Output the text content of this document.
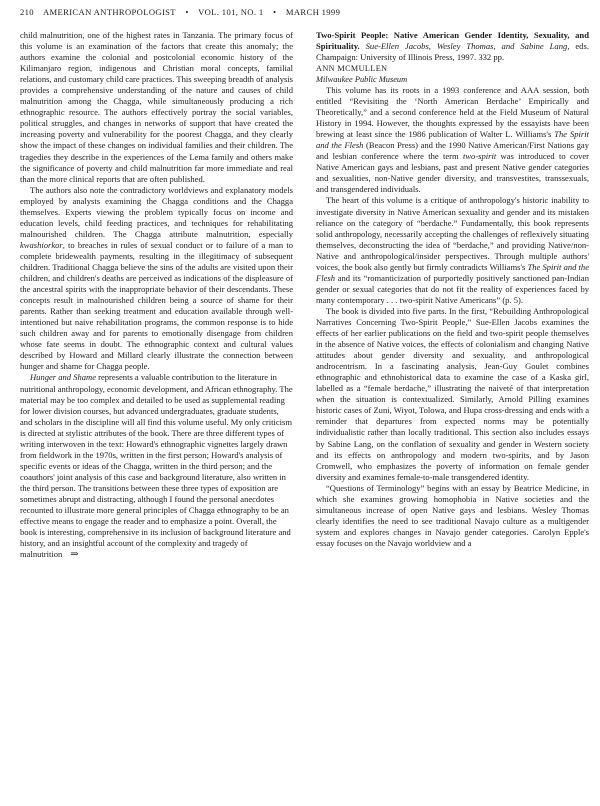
210 AMERICAN ANTHROPOLOGIST • VOL. 101, NO. 1 • MARCH 1999

child malnutrition, one of the highest rates in Tanzania. The primary focus of this volume is an examination of the factors that create this anomaly; the authors examine the colonial and postcolonial economic history of the Kilimanjaro region, indigenous and Christian moral concepts, familial relations, and customary child care practices. This sweeping breadth of analysis provides a comprehensive understanding of the nature and causes of child malnutrition among the Chagga, while simultaneously producing a rich ethnographic resource. The authors effectively portray the social variables, political struggles, and changes in networks of support that have created the increasing poverty and vulnerability for the poorest Chagga, and they clearly show the impact of these changes on individual families and their children. The tragedies they describe in the experiences of the Lema family and others make the significance of poverty and child malnutrition far more immediate and real than the more clinical reports that are often published.

The authors also note the contradictory worldviews and explanatory models employed by analysts examining the Chagga conditions and the Chagga themselves. Experts viewing the problem typically focus on income and education levels, child feeding practices, and techniques for rehabilitating malnourished children. The Chagga attribute malnutrition, especially kwashiorkor, to breaches in rules of sexual conduct or to failure of a man to complete bridewealth payments, resulting in the illegitimacy of subsequent children. Traditional Chagga believe the sins of the adults are visited upon their children, and children's deaths are perceived as indications of the displeasure of the ancestral spirits with the inappropriate behavior of their descendants. These concepts result in malnourished children being a source of shame for their parents. Rather than seeking treatment and education available through well-intentioned but naive rehabilitation programs, the common response is to hide such children away and for parents to emotionally disengage from children whose fate seems in doubt. The ethnographic context and cultural values described by Howard and Millard clearly illustrate the connection between hunger and shame for Chagga people.

Hunger and Shame represents a valuable contribution to the literature in nutritional anthropology, economic development, and African ethnography. The material may be too complex and detailed to be used as supplemental reading for lower division courses, but advanced undergraduates, graduate students, and scholars in the discipline will all find this volume useful. My only criticism is directed at stylistic attributes of the book. There are three different types of writing interwoven in the text: Howard's ethnographic vignettes largely drawn from fieldwork in the 1970s, written in the first person; Howard's analysis of specific events or ideas of the Chagga, written in the third person; and the coauthors' joint analysis of this case and background literature, also written in the third person. The transitions between these three types of exposition are sometimes abrupt and distracting, although I found the personal anecdotes recounted to illustrate more general principles of Chagga ethnography to be an effective means to engage the reader and to emphasize a point. Overall, the book is interesting, comprehensive in its inclusion of background literature and history, and an insightful account of the complexity and tragedy of malnutrition ⇒

Two-Spirit People: Native American Gender Identity, Sexuality, and Spirituality. Sue-Ellen Jacobs, Wesley Thomas, and Sabine Lang, eds. Champaign: University of Illinois Press, 1997. 332 pp.

ANN MCMULLEN

Milwaukee Public Museum

This volume has its roots in a 1993 conference and AAA session, both entitled “Revisiting the ‘North American Berdache’ Empirically and Theoretically,” and a second conference held at the Field Museum of Natural History in 1994. However, the thoughts expressed by the essayists have been brewing at least since the 1986 publication of Walter L. Williams's The Spirit and the Flesh (Beacon Press) and the 1990 Native American/First Nations gay and lesbian conference where the term two-spirit was introduced to cover Native American gays and lesbians, past and present Native gender categories and sexualities, non-Native gender diversity, and transvestites, transsexuals, and transgendered individuals.

The heart of this volume is a critique of anthropology's historic inability to investigate diversity in Native American sexuality and gender and its mistaken reliance on the category of “berdache.” Fundamentally, this book represents solid anthropology, necessarily accepting the challenges of reflexively situating themselves, deconstructing the idea of “berdache,” and providing Native/non-Native and anthropological/insider perspectives. Through multiple authors' voices, the book also gently but firmly contradicts Williams's The Spirit and the Flesh and its “romanticization of purportedly positively sanctioned pan-Indian gender or sexual categories that do not fit the reality of experiences faced by many contemporary . . . two-spirit Native Americans” (p. 5).

The book is divided into five parts. In the first, “Rebuilding Anthropological Narratives Concerning Two-Spirit People,” Sue-Ellen Jacobs examines the effects of her earlier publications on the field and two-spirit people themselves in the absence of Native voices, the effects of colonialism and changing Native attitudes about gender diversity and sexuality, and anthropological androcentrism. In a fascinating analysis, Jean-Guy Goulet combines ethnographic and ethnohistorical data to examine the case of a Kaska girl, labelled as a “female berdache,” illustrating the naiveté of that interpretation when the situation is contextualized. Similarly, Arnold Pilling examines historic cases of Zuni, Wiyot, Tolowa, and Hupa cross-dressing and ends with a reminder that departures from expected norms may be potentially individualistic rather than locally traditional. This section also includes essays by Sabine Lang, on the conflation of sexuality and gender in Western society and its effects on anthropology and modern two-spirits, and by Jason Cromwell, who emphasizes the poverty of information on female gender diversity and examines female-to-male transgendered identity.

“Questions of Terminology” begins with an essay by Beatrice Medicine, in which she examines growing homophobia in Native societies and the simultaneous increase of open Native gays and lesbians. Wesley Thomas clearly identifies the need to see traditional Navajo culture as a multigender system and explores changes in Navajo gender categories. Carolyn Epple's essay focuses on the Navajo worldview and a
